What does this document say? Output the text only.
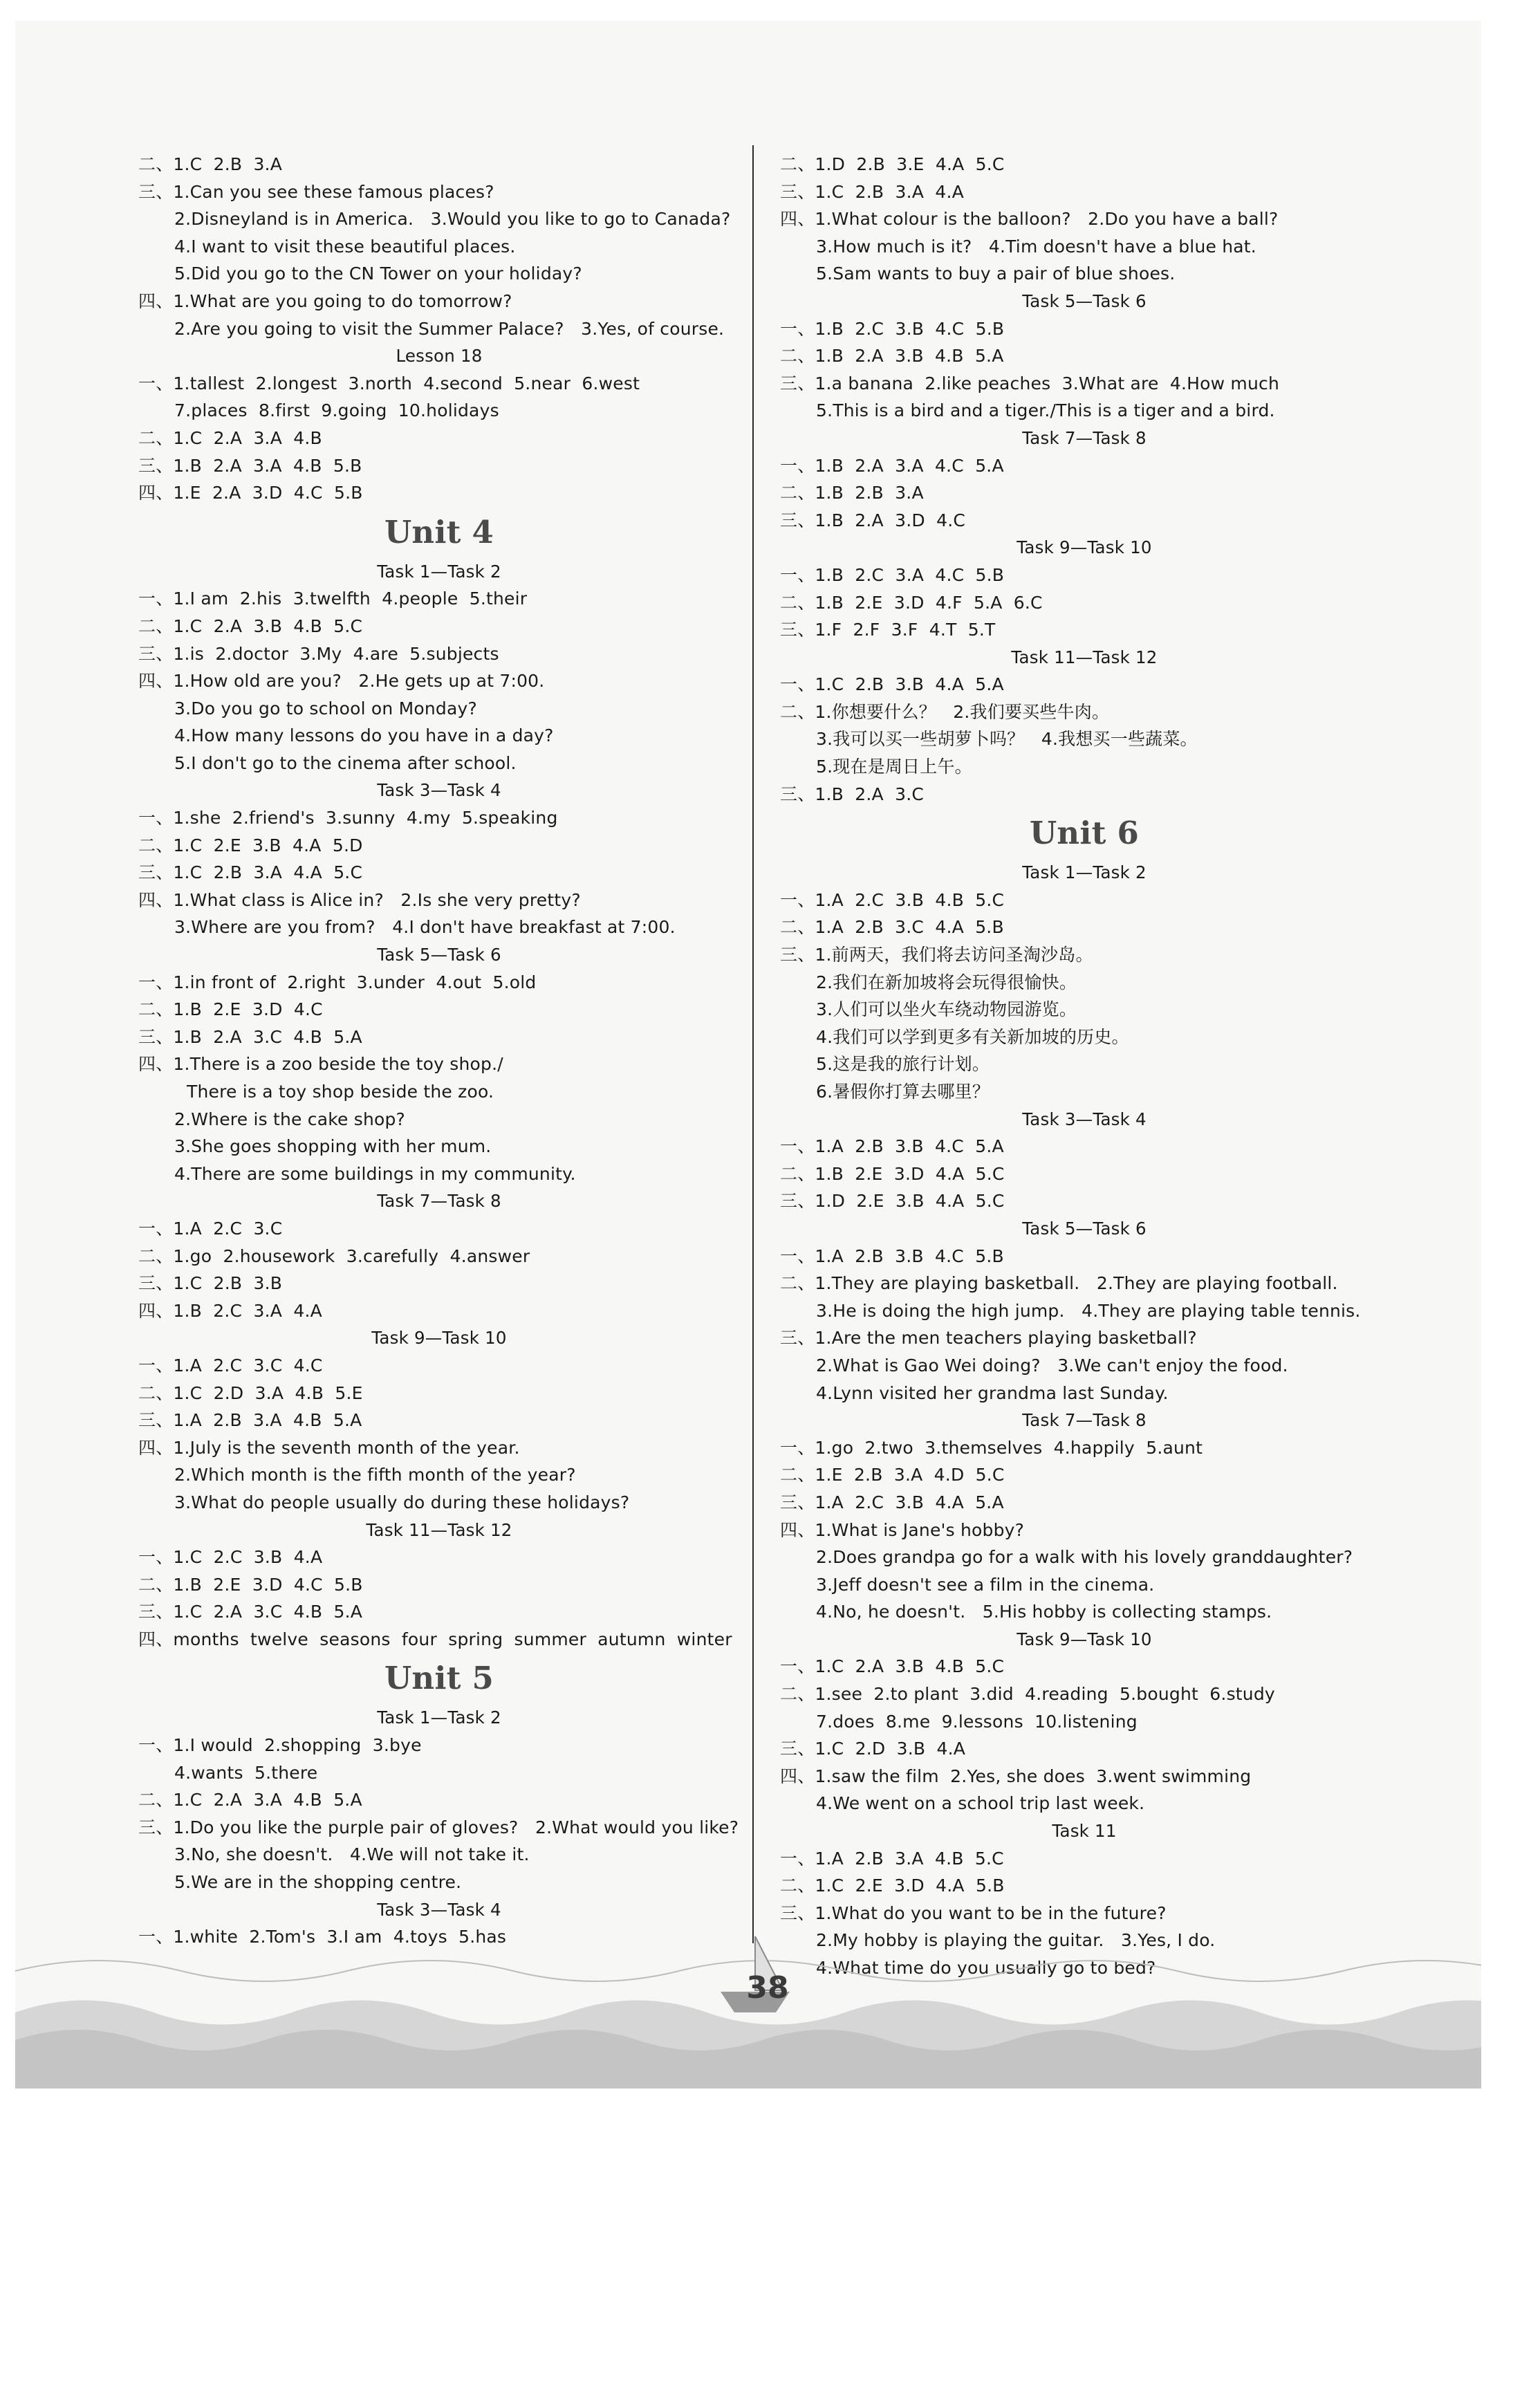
二、1.C  2.B  3.A
三、1.Can you see these famous places?
2.Disneyland is in America.   3.Would you like to go to Canada?
4.I want to visit these beautiful places.
5.Did you go to the CN Tower on your holiday?
四、1.What are you going to do tomorrow?
2.Are you going to visit the Summer Palace?   3.Yes, of course.
Lesson 18
一、1.tallest  2.longest  3.north  4.second  5.near  6.west
7.places  8.first  9.going  10.holidays
二、1.C  2.A  3.A  4.B
三、1.B  2.A  3.A  4.B  5.B
四、1.E  2.A  3.D  4.C  5.B
Unit 4
Task 1—Task 2
一、1.I am  2.his  3.twelfth  4.people  5.their
二、1.C  2.A  3.B  4.B  5.C
三、1.is  2.doctor  3.My  4.are  5.subjects
四、1.How old are you?   2.He gets up at 7:00.
3.Do you go to school on Monday?
4.How many lessons do you have in a day?
5.I don't go to the cinema after school.
Task 3—Task 4
一、1.she  2.friend's  3.sunny  4.my  5.speaking
二、1.C  2.E  3.B  4.A  5.D
三、1.C  2.B  3.A  4.A  5.C
四、1.What class is Alice in?   2.Is she very pretty?
3.Where are you from?   4.I don't have breakfast at 7:00.
Task 5—Task 6
一、1.in front of  2.right  3.under  4.out  5.old
二、1.B  2.E  3.D  4.C
三、1.B  2.A  3.C  4.B  5.A
四、1.There is a zoo beside the toy shop./
There is a toy shop beside the zoo.
2.Where is the cake shop?
3.She goes shopping with her mum.
4.There are some buildings in my community.
Task 7—Task 8
一、1.A  2.C  3.C
二、1.go  2.housework  3.carefully  4.answer
三、1.C  2.B  3.B
四、1.B  2.C  3.A  4.A
Task 9—Task 10
一、1.A  2.C  3.C  4.C
二、1.C  2.D  3.A  4.B  5.E
三、1.A  2.B  3.A  4.B  5.A
四、1.July is the seventh month of the year.
2.Which month is the fifth month of the year?
3.What do people usually do during these holidays?
Task 11—Task 12
一、1.C  2.C  3.B  4.A
二、1.B  2.E  3.D  4.C  5.B
三、1.C  2.A  3.C  4.B  5.A
四、months  twelve  seasons  four  spring  summer  autumn  winter
Unit 5
Task 1—Task 2
一、1.I would  2.shopping  3.bye
4.wants  5.there
二、1.C  2.A  3.A  4.B  5.A
三、1.Do you like the purple pair of gloves?   2.What would you like?
3.No, she doesn't.   4.We will not take it.
5.We are in the shopping centre.
Task 3—Task 4
一、1.white  2.Tom's  3.I am  4.toys  5.has
二、1.D  2.B  3.E  4.A  5.C
三、1.C  2.B  3.A  4.A
四、1.What colour is the balloon?   2.Do you have a ball?
3.How much is it?   4.Tim doesn't have a blue hat.
5.Sam wants to buy a pair of blue shoes.
Task 5—Task 6
一、1.B  2.C  3.B  4.C  5.B
二、1.B  2.A  3.B  4.B  5.A
三、1.a banana  2.like peaches  3.What are  4.How much
5.This is a bird and a tiger./This is a tiger and a bird.
Task 7—Task 8
一、1.B  2.A  3.A  4.C  5.A
二、1.B  2.B  3.A
三、1.B  2.A  3.D  4.C
Task 9—Task 10
一、1.B  2.C  3.A  4.C  5.B
二、1.B  2.E  3.D  4.F  5.A  6.C
三、1.F  2.F  3.F  4.T  5.T
Task 11—Task 12
一、1.C  2.B  3.B  4.A  5.A
二、1.你想要什么？   2.我们要买些牛肉。
3.我可以买一些胡萝卜吗？   4.我想买一些蔬菜。
5.现在是周日上午。
三、1.B  2.A  3.C
Unit 6
Task 1—Task 2
一、1.A  2.C  3.B  4.B  5.C
二、1.A  2.B  3.C  4.A  5.B
三、1.前两天，我们将去访问圣淘沙岛。
2.我们在新加坡将会玩得很愉快。
3.人们可以坐火车绕动物园游览。
4.我们可以学到更多有关新加坡的历史。
5.这是我的旅行计划。
6.暑假你打算去哪里？
Task 3—Task 4
一、1.A  2.B  3.B  4.C  5.A
二、1.B  2.E  3.D  4.A  5.C
三、1.D  2.E  3.B  4.A  5.C
Task 5—Task 6
一、1.A  2.B  3.B  4.C  5.B
二、1.They are playing basketball.   2.They are playing football.
3.He is doing the high jump.   4.They are playing table tennis.
三、1.Are the men teachers playing basketball?
2.What is Gao Wei doing?   3.We can't enjoy the food.
4.Lynn visited her grandma last Sunday.
Task 7—Task 8
一、1.go  2.two  3.themselves  4.happily  5.aunt
二、1.E  2.B  3.A  4.D  5.C
三、1.A  2.C  3.B  4.A  5.A
四、1.What is Jane's hobby?
2.Does grandpa go for a walk with his lovely granddaughter?
3.Jeff doesn't see a film in the cinema.
4.No, he doesn't.   5.His hobby is collecting stamps.
Task 9—Task 10
一、1.C  2.A  3.B  4.B  5.C
二、1.see  2.to plant  3.did  4.reading  5.bought  6.study
7.does  8.me  9.lessons  10.listening
三、1.C  2.D  3.B  4.A
四、1.saw the film  2.Yes, she does  3.went swimming
4.We went on a school trip last week.
Task 11
一、1.A  2.B  3.A  4.B  5.C
二、1.C  2.E  3.D  4.A  5.B
三、1.What do you want to be in the future?
2.My hobby is playing the guitar.   3.Yes, I do.
4.What time do you usually go to bed?
38
